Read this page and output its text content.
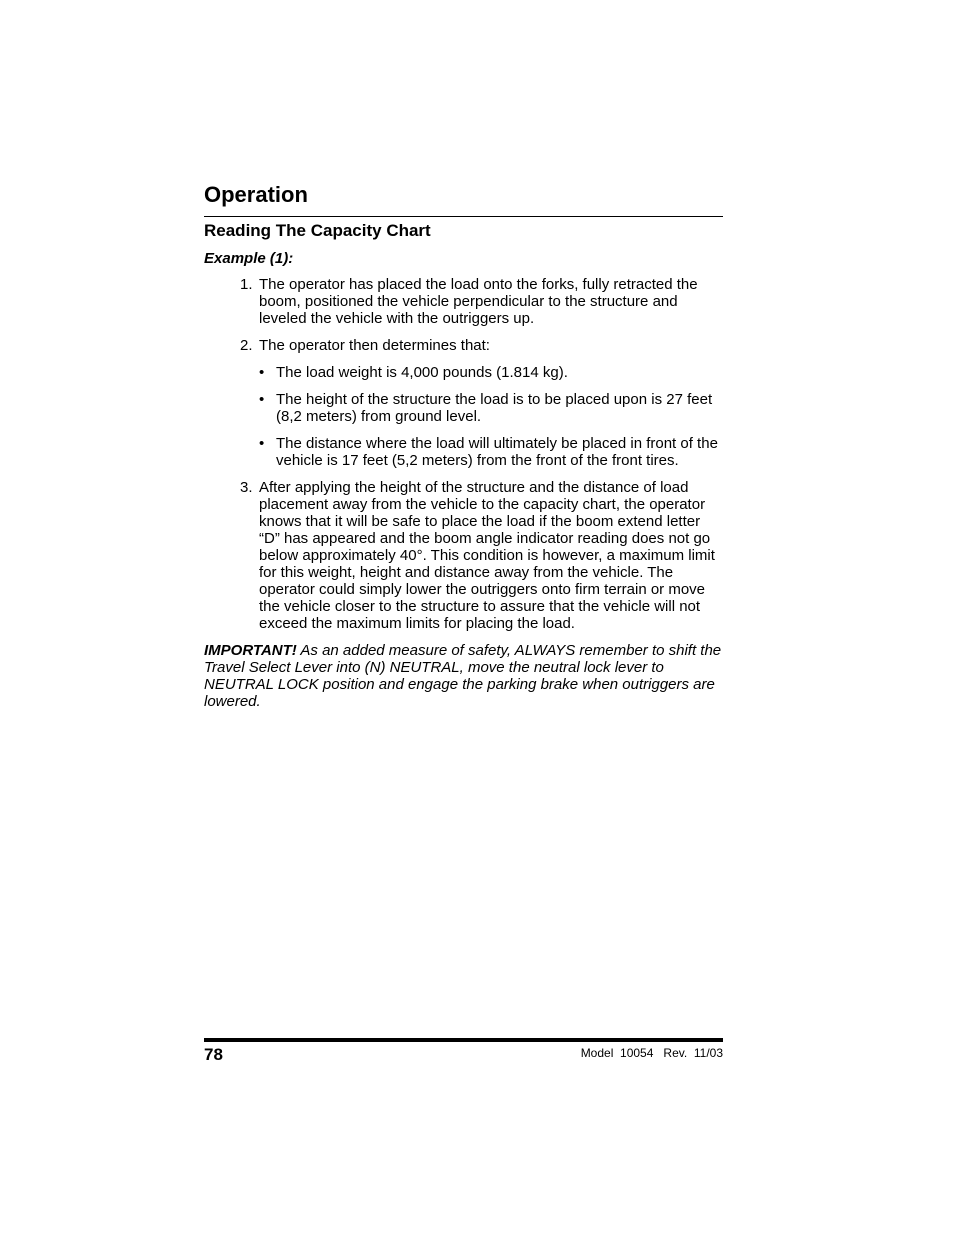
Operation
Reading The Capacity Chart

Example (1):

1. The operator has placed the load onto the forks, fully retracted the boom, positioned the vehicle perpendicular to the structure and leveled the vehicle with the outriggers up.
2. The operator then determines that:
• The load weight is 4,000 pounds (1.814 kg).
• The height of the structure the load is to be placed upon is 27 feet (8,2 meters) from ground level.
• The distance where the load will ultimately be placed in front of the vehicle is 17 feet (5,2 meters) from the front of the front tires.
3. After applying the height of the structure and the distance of load placement away from the vehicle to the capacity chart, the operator knows that it will be safe to place the load if the boom extend letter “D” has appeared and the boom angle indicator reading does not go below approximately 40°. This condition is however, a maximum limit for this weight, height and distance away from the vehicle. The operator could simply lower the outriggers onto firm terrain or move the vehicle closer to the structure to assure that the vehicle will not exceed the maximum limits for placing the load.

IMPORTANT! As an added measure of safety, ALWAYS remember to shift the Travel Select Lever into (N) NEUTRAL, move the neutral lock lever to NEUTRAL LOCK position and engage the parking brake when outriggers are lowered.

78	Model  10054   Rev.  11/03
